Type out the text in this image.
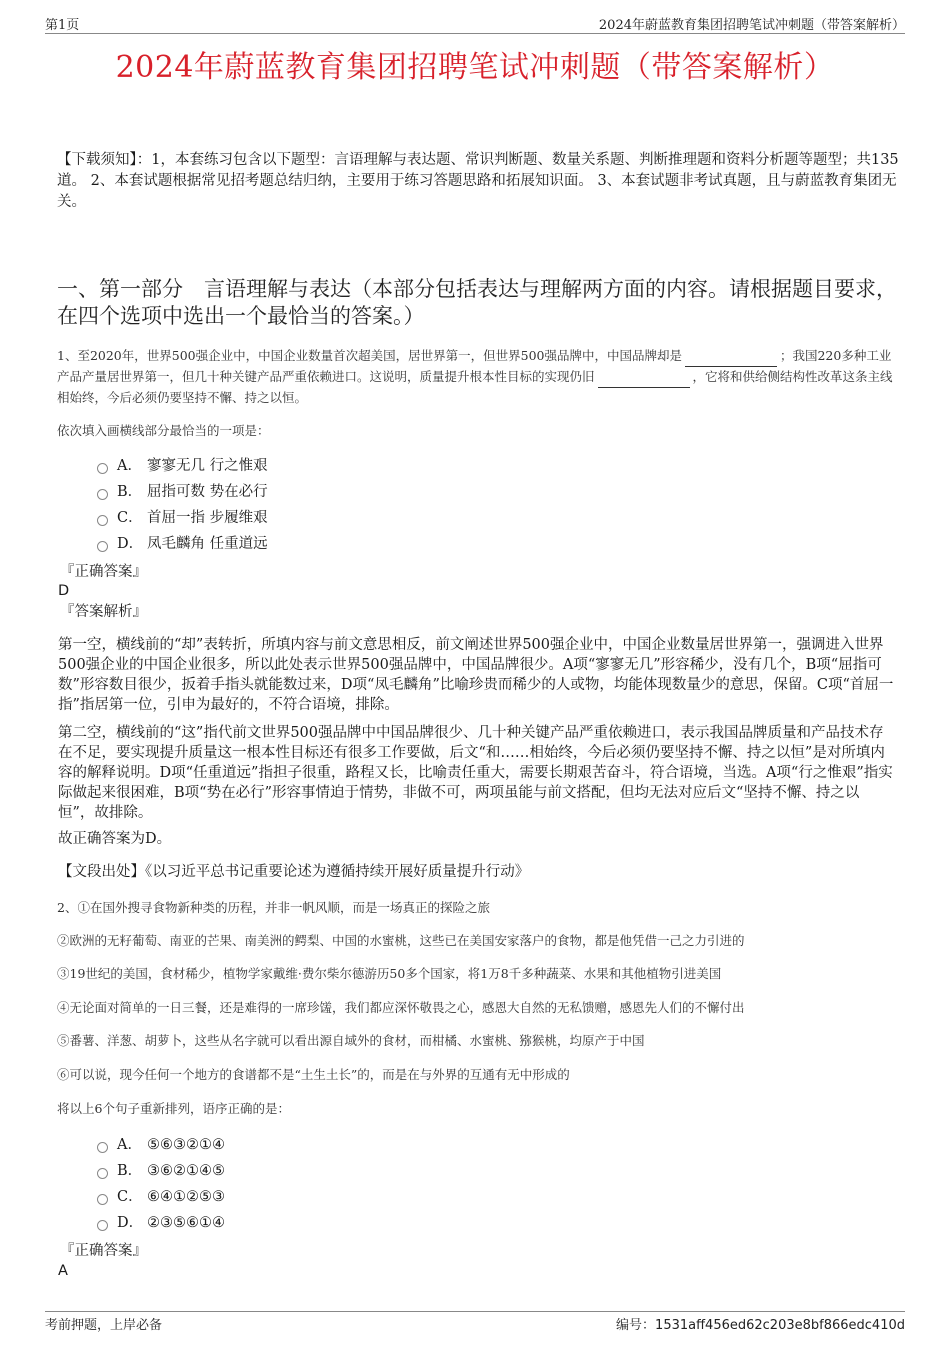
第1页	2024年蔚蓝教育集团招聘笔试冲刺题（带答案解析）
2024年蔚蓝教育集团招聘笔试冲刺题（带答案解析）
【下载须知】：1，本套练习包含以下题型：言语理解与表达题、常识判断题、数量关系题、判断推理题和资料分析题等题型；共135道。 2、本套试题根据常见招考题总结归纳，主要用于练习答题思路和拓展知识面。 3、本套试题非考试真题，且与蔚蓝教育集团无关。
一、第一部分　言语理解与表达（本部分包括表达与理解两方面的内容。请根据题目要求，在四个选项中选出一个最恰当的答案。）
1、至2020年，世界500强企业中，中国企业数量首次超美国，居世界第一，但世界500强品牌中，中国品牌却是	；我国220多种工业产品产量居世界第一，但几十种关键产品严重依赖进口。这说明，质量提升根本性目标的实现仍旧	，它将和供给侧结构性改革这条主线相始终，今后必须仍要坚持不懈、持之以恒。
依次填入画横线部分最恰当的一项是：
A． 寥寥无几 行之惟艰
B． 屈指可数 势在必行
C． 首屈一指 步履维艰
D． 凤毛麟角 任重道远
『正确答案』
D
『答案解析』

第一空，横线前的“却”表转折，所填内容与前文意思相反，前文阐述世界500强企业中，中国企业数量居世界第一，强调进入世界500强企业的中国企业很多，所以此处表示世界500强品牌中，中国品牌很少。A项“寥寥无几”形容稀少，没有几个，B项“屈指可数”形容数目很少，扳着手指头就能数过来，D项“凤毛麟角”比喻珍贵而稀少的人或物，均能体现数量少的意思，保留。C项“首屈一指”指居第一位，引申为最好的，不符合语境，排除。

第二空，横线前的“这”指代前文世界500强品牌中中国品牌很少、几十种关键产品严重依赖进口，表示我国品牌质量和产品技术存在不足，要实现提升质量这一根本性目标还有很多工作要做，后文“和……相始终，今后必须仍要坚持不懈、持之以恒”是对所填内容的解释说明。D项“任重道远”指担子很重，路程又长，比喻责任重大，需要长期艰苦奋斗，符合语境，当选。A项“行之惟艰”指实际做起来很困难，B项“势在必行”形容事情迫于情势，非做不可，两项虽能与前文搭配，但均无法对应后文“坚持不懈、持之以恒”，故排除。

故正确答案为D。

【文段出处】《以习近平总书记重要论述为遵循持续开展好质量提升行动》

2、①在国外搜寻食物新种类的历程，并非一帆风顺，而是一场真正的探险之旅
②欧洲的无籽葡萄、南亚的芒果、南美洲的鳄梨、中国的水蜜桃，这些已在美国安家落户的食物，都是他凭借一己之力引进的
③19世纪的美国，食材稀少，植物学家戴维·费尔柴尔德游历50多个国家，将1万8千多种蔬菜、水果和其他植物引进美国
④无论面对简单的一日三餐，还是难得的一席珍馐，我们都应深怀敬畏之心，感恩大自然的无私馈赠，感恩先人们的不懈付出
⑤番薯、洋葱、胡萝卜，这些从名字就可以看出源自域外的食材，而柑橘、水蜜桃、猕猴桃，均原产于中国
⑥可以说，现今任何一个地方的食谱都不是“土生土长”的，而是在与外界的互通有无中形成的
将以上6个句子重新排列，语序正确的是：
A． ⑤⑥③②①④
B． ③⑥②①④⑤
C． ⑥④①②⑤③
D． ②③⑤⑥①④
『正确答案』
A
考前押题，上岸必备	编号：1531aff456ed62c203e8bf866edc410d
